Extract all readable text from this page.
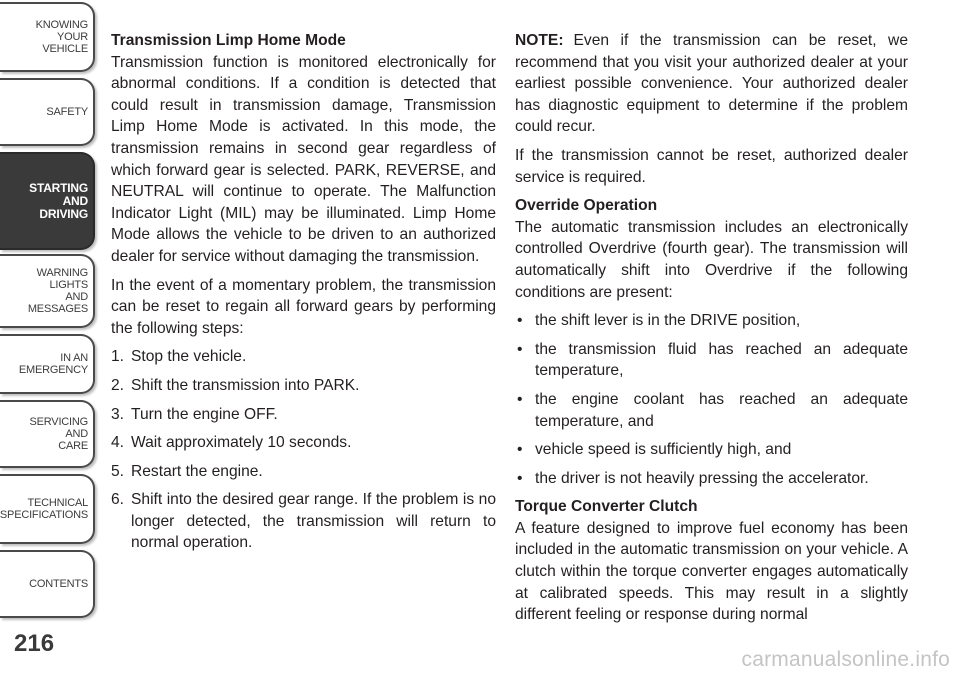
KNOWING
YOUR
VEHICLE
SAFETY
STARTING
AND
DRIVING
WARNING
LIGHTS
AND
MESSAGES
IN AN
EMERGENCY
SERVICING
AND
CARE
TECHNICAL
SPECIFICATIONS
CONTENTS
216
Transmission Limp Home Mode

Transmission function is monitored electronically for abnormal conditions. If a condition is detected that could result in transmission damage, Transmission Limp Home Mode is activated. In this mode, the transmission remains in second gear regardless of which forward gear is selected. PARK, REVERSE, and NEUTRAL will continue to operate. The Malfunction Indicator Light (MIL) may be illuminated. Limp Home Mode allows the vehicle to be driven to an authorized dealer for service without damaging the transmission.

In the event of a momentary problem, the transmission can be reset to regain all forward gears by performing the following steps:

1. Stop the vehicle.
2. Shift the transmission into PARK.
3. Turn the engine OFF.
4. Wait approximately 10 seconds.
5. Restart the engine.
6. Shift into the desired gear range. If the problem is no longer detected, the transmission will return to normal operation.

NOTE: Even if the transmission can be reset, we recommend that you visit your authorized dealer at your earliest possible convenience. Your authorized dealer has diagnostic equipment to determine if the problem could recur.

If the transmission cannot be reset, authorized dealer service is required.

Override Operation

The automatic transmission includes an electronically controlled Overdrive (fourth gear). The transmission will automatically shift into Overdrive if the following conditions are present:

• the shift lever is in the DRIVE position,
• the transmission fluid has reached an adequate temperature,
• the engine coolant has reached an adequate temperature, and
• vehicle speed is sufficiently high, and
• the driver is not heavily pressing the accelerator.
Torque Converter Clutch

A feature designed to improve fuel economy has been included in the automatic transmission on your vehicle. A clutch within the torque converter engages automatically at calibrated speeds. This may result in a slightly different feeling or response during normal

carmanualsonline.info
